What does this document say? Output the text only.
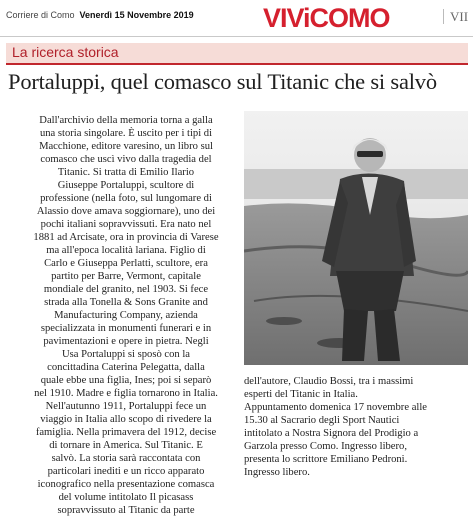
Corriere di Como Venerdì 15 Novembre 2019	VIViCOMO	VII
La ricerca storica
Portaluppi, quel comasco sul Titanic che si salvò
Dall'archivio della memoria torna a galla
una storia singolare. È uscito per i tipi di
Macchione, editore varesino, un libro sul
comasco che uscì vivo dalla tragedia del
Titanic. Si tratta di Emilio Ilario
Giuseppe Portaluppi, scultore di
professione (nella foto, sul lungomare di
Alassio dove amava soggiornare), uno dei
pochi italiani sopravvissuti. Era nato nel
1881 ad Arcisate, ora in provincia di Varese
ma all'epoca località lariana. Figlio di
Carlo e Giuseppa Perlatti, scultore, era
partito per Barre, Vermont, capitale
mondiale del granito, nel 1903. Si fece
strada alla Tonella & Sons Granite and
Manufacturing Company, azienda
specializzata in monumenti funerari e in
pavimentazioni e opere in pietra. Negli
Usa Portaluppi si sposò con la
concittadina Caterina Pelegatta, dalla
quale ebbe una figlia, Ines; poi si separò
nel 1910. Madre e figlia tornarono in Italia.
Nell'autunno 1911, Portaluppi fece un
viaggio in Italia allo scopo di rivedere la
famiglia. Nella primavera del 1912, decise
di tornare in America. Sul Titanic. E
salvò. La storia sarà raccontata con
particolari inediti e un ricco apparato
iconografico nella presentazione comasca
del volume intitolato Il picasass
sopravvissuto al Titanic da parte
dell'autore, Claudio Bossi, tra i massimi
esperti del Titanic in Italia.
Appuntamento domenica 17 novembre alle
15.30 al Sacrario degli Sport Nautici
intitolato a Nostra Signora del Prodigio a
Garzola presso Como. Ingresso libero,
presenta lo scrittore Emiliano Pedroni.
Ingresso libero.
